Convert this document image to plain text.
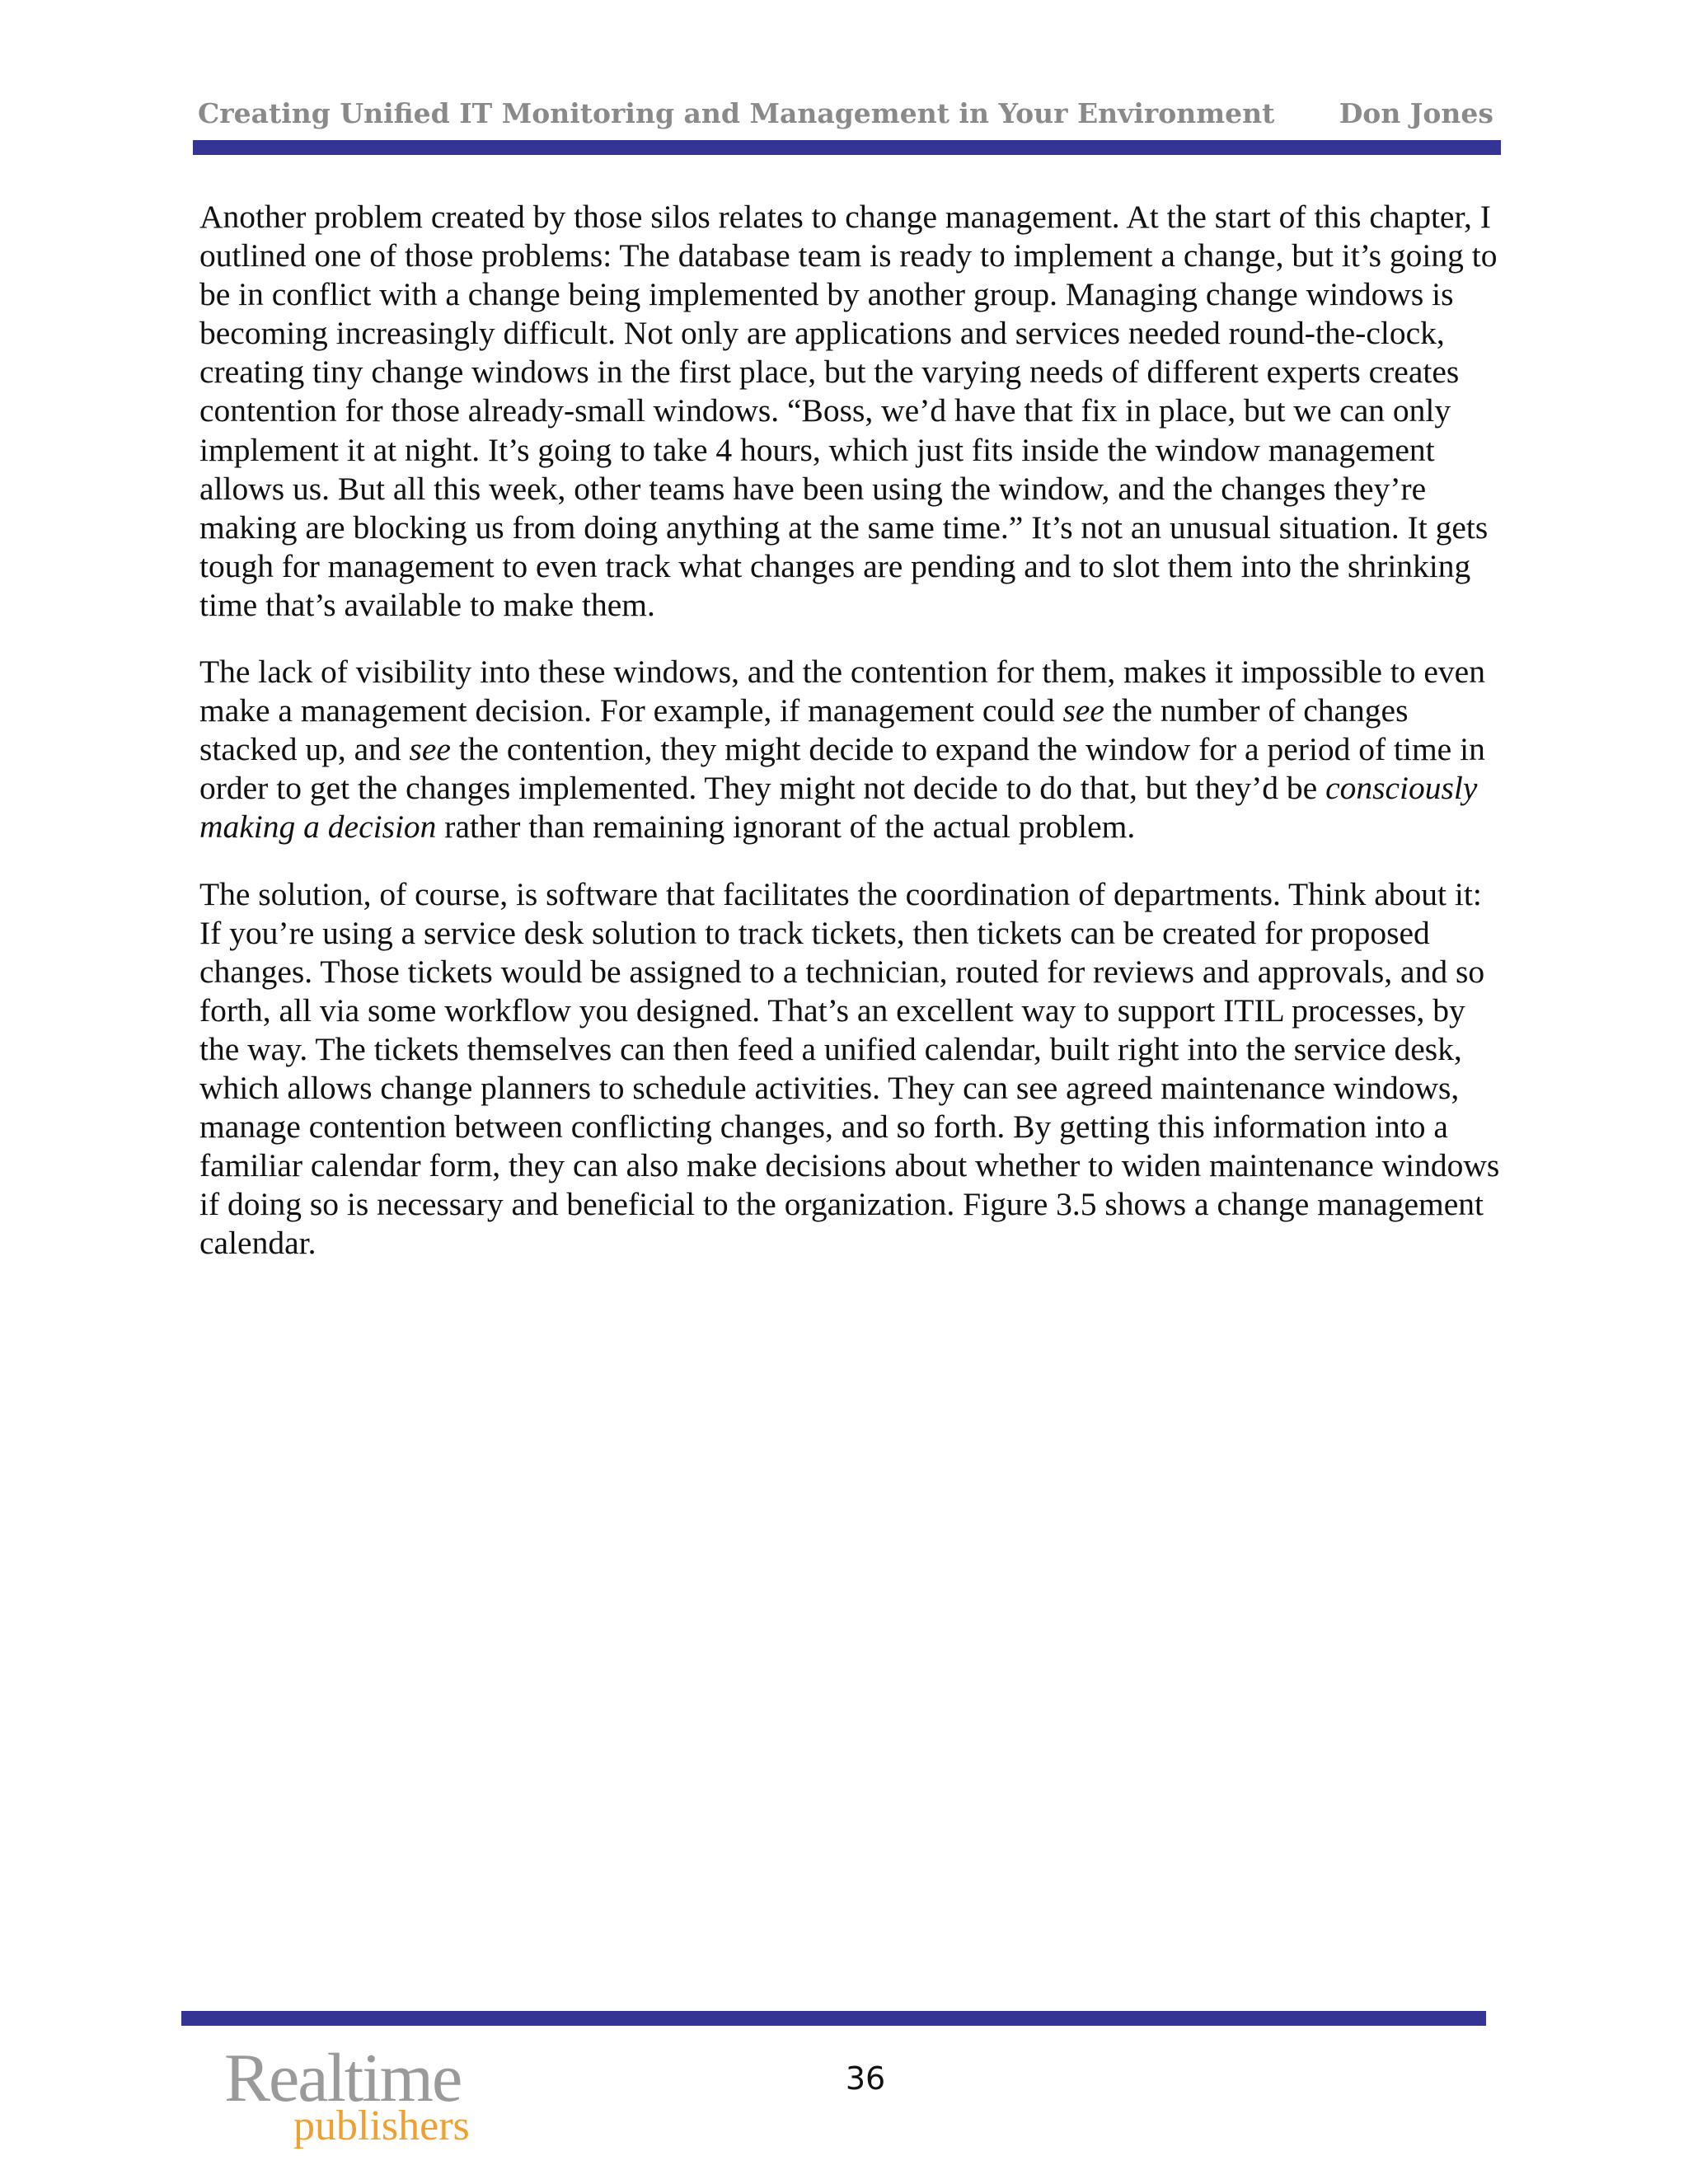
Creating Unified IT Monitoring and Management in Your Environment Don Jones

Another problem created by those silos relates to change management. At the start of this chapter, I outlined one of those problems: The database team is ready to implement a change, but it’s going to be in conflict with a change being implemented by another group. Managing change windows is becoming increasingly difficult. Not only are applications and services needed round-the-clock, creating tiny change windows in the first place, but the varying needs of different experts creates contention for those already-small windows. “Boss, we’d have that fix in place, but we can only implement it at night. It’s going to take 4 hours, which just fits inside the window management allows us. But all this week, other teams have been using the window, and the changes they’re making are blocking us from doing anything at the same time.” It’s not an unusual situation. It gets tough for management to even track what changes are pending and to slot them into the shrinking time that’s available to make them.

The lack of visibility into these windows, and the contention for them, makes it impossible to even make a management decision. For example, if management could see the number of changes stacked up, and see the contention, they might decide to expand the window for a period of time in order to get the changes implemented. They might not decide to do that, but they’d be consciously making a decision rather than remaining ignorant of the actual problem.

The solution, of course, is software that facilitates the coordination of departments. Think about it: If you’re using a service desk solution to track tickets, then tickets can be created for proposed changes. Those tickets would be assigned to a technician, routed for reviews and approvals, and so forth, all via some workflow you designed. That’s an excellent way to support ITIL processes, by the way. The tickets themselves can then feed a unified calendar, built right into the service desk, which allows change planners to schedule activities. They can see agreed maintenance windows, manage contention between conflicting changes, and so forth. By getting this information into a familiar calendar form, they can also make decisions about whether to widen maintenance windows if doing so is necessary and beneficial to the organization. Figure 3.5 shows a change management calendar.

Realtime
publishers
36
